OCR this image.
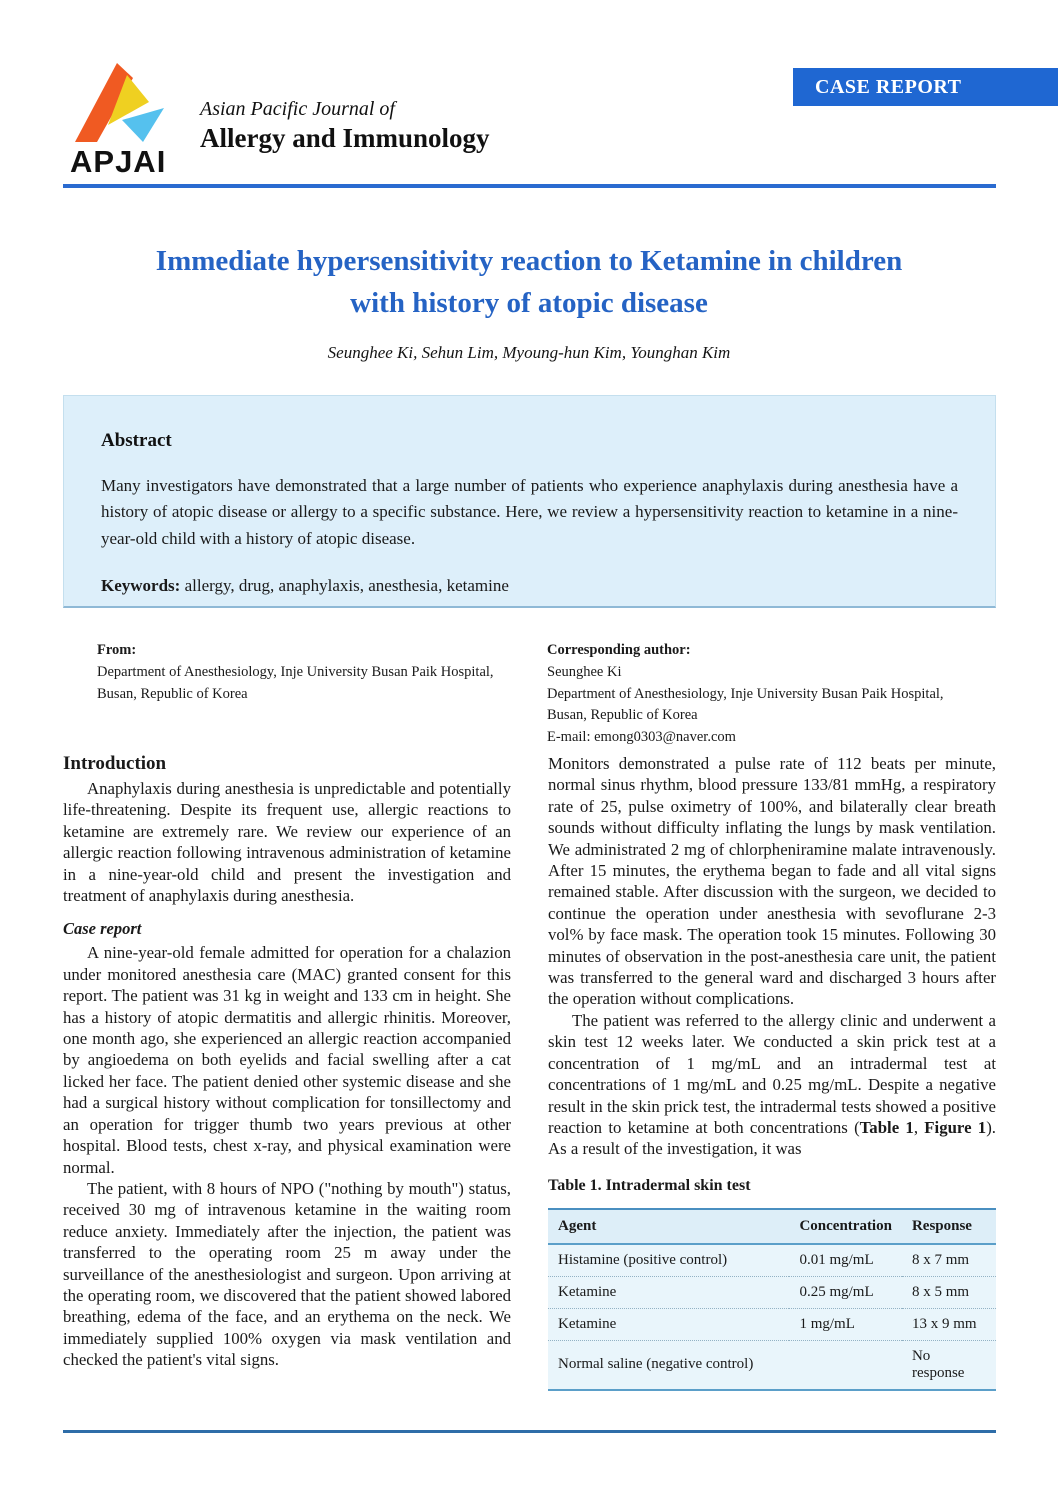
APJAI
Asian Pacific Journal of
Allergy and Immunology
CASE REPORT
Immediate hypersensitivity reaction to Ketamine in children
with history of atopic disease
Seunghee Ki, Sehun Lim, Myoung-hun Kim, Younghan Kim
Abstract
Many investigators have demonstrated that a large number of patients who experience anaphylaxis during anesthesia have a history of atopic disease or allergy to a specific substance. Here, we review a hypersensitivity reaction to ketamine in a nine-year-old child with a history of atopic disease.
Keywords: allergy, drug, anaphylaxis, anesthesia, ketamine
From:
Department of Anesthesiology, Inje University Busan Paik Hospital,
Busan, Republic of Korea
Corresponding author:
Seunghee Ki
Department of Anesthesiology, Inje University Busan Paik Hospital,
Busan, Republic of Korea
E-mail: emong0303@naver.com
Introduction

Anaphylaxis during anesthesia is unpredictable and potentially life-threatening. Despite its frequent use, allergic reactions to ketamine are extremely rare. We review our experience of an allergic reaction following intravenous administration of ketamine in a nine-year-old child and present the investigation and treatment of anaphylaxis during anesthesia.

Case report

A nine-year-old female admitted for operation for a chalazion under monitored anesthesia care (MAC) granted consent for this report. The patient was 31 kg in weight and 133 cm in height. She has a history of atopic dermatitis and allergic rhinitis. Moreover, one month ago, she experienced an allergic reaction accompanied by angioedema on both eyelids and facial swelling after a cat licked her face. The patient denied other systemic disease and she had a surgical history without complication for tonsillectomy and an operation for trigger thumb two years previous at other hospital. Blood tests, chest x-ray, and physical examination were normal.

The patient, with 8 hours of NPO ("nothing by mouth") status, received 30 mg of intravenous ketamine in the waiting room reduce anxiety. Immediately after the injection, the patient was transferred to the operating room 25 m away under the surveillance of the anesthesiologist and surgeon. Upon arriving at the operating room, we discovered that the patient showed labored breathing, edema of the face, and an erythema on the neck. We immediately supplied 100% oxygen via mask ventilation and checked the patient's vital signs.

Monitors demonstrated a pulse rate of 112 beats per minute, normal sinus rhythm, blood pressure 133/81 mmHg, a respiratory rate of 25, pulse oximetry of 100%, and bilaterally clear breath sounds without difficulty inflating the lungs by mask ventilation. We administrated 2 mg of chlorpheniramine malate intravenously. After 15 minutes, the erythema began to fade and all vital signs remained stable. After discussion with the surgeon, we decided to continue the operation under anesthesia with sevoflurane 2-3 vol% by face mask. The operation took 15 minutes. Following 30 minutes of observation in the post-anesthesia care unit, the patient was transferred to the general ward and discharged 3 hours after the operation without complications.

The patient was referred to the allergy clinic and underwent a skin test 12 weeks later. We conducted a skin prick test at a concentration of 1 mg/mL and an intradermal test at concentrations of 1 mg/mL and 0.25 mg/mL. Despite a negative result in the skin prick test, the intradermal tests showed a positive reaction to ketamine at both concentrations (Table 1, Figure 1). As a result of the investigation, it was

Table 1. Intradermal skin test
Agent	Concentration	Response
Histamine (positive control)	0.01 mg/mL	8 x 7 mm
Ketamine	0.25 mg/mL	8 x 5 mm
Ketamine	1 mg/mL	13 x 9 mm
Normal saline (negative control)		No response
